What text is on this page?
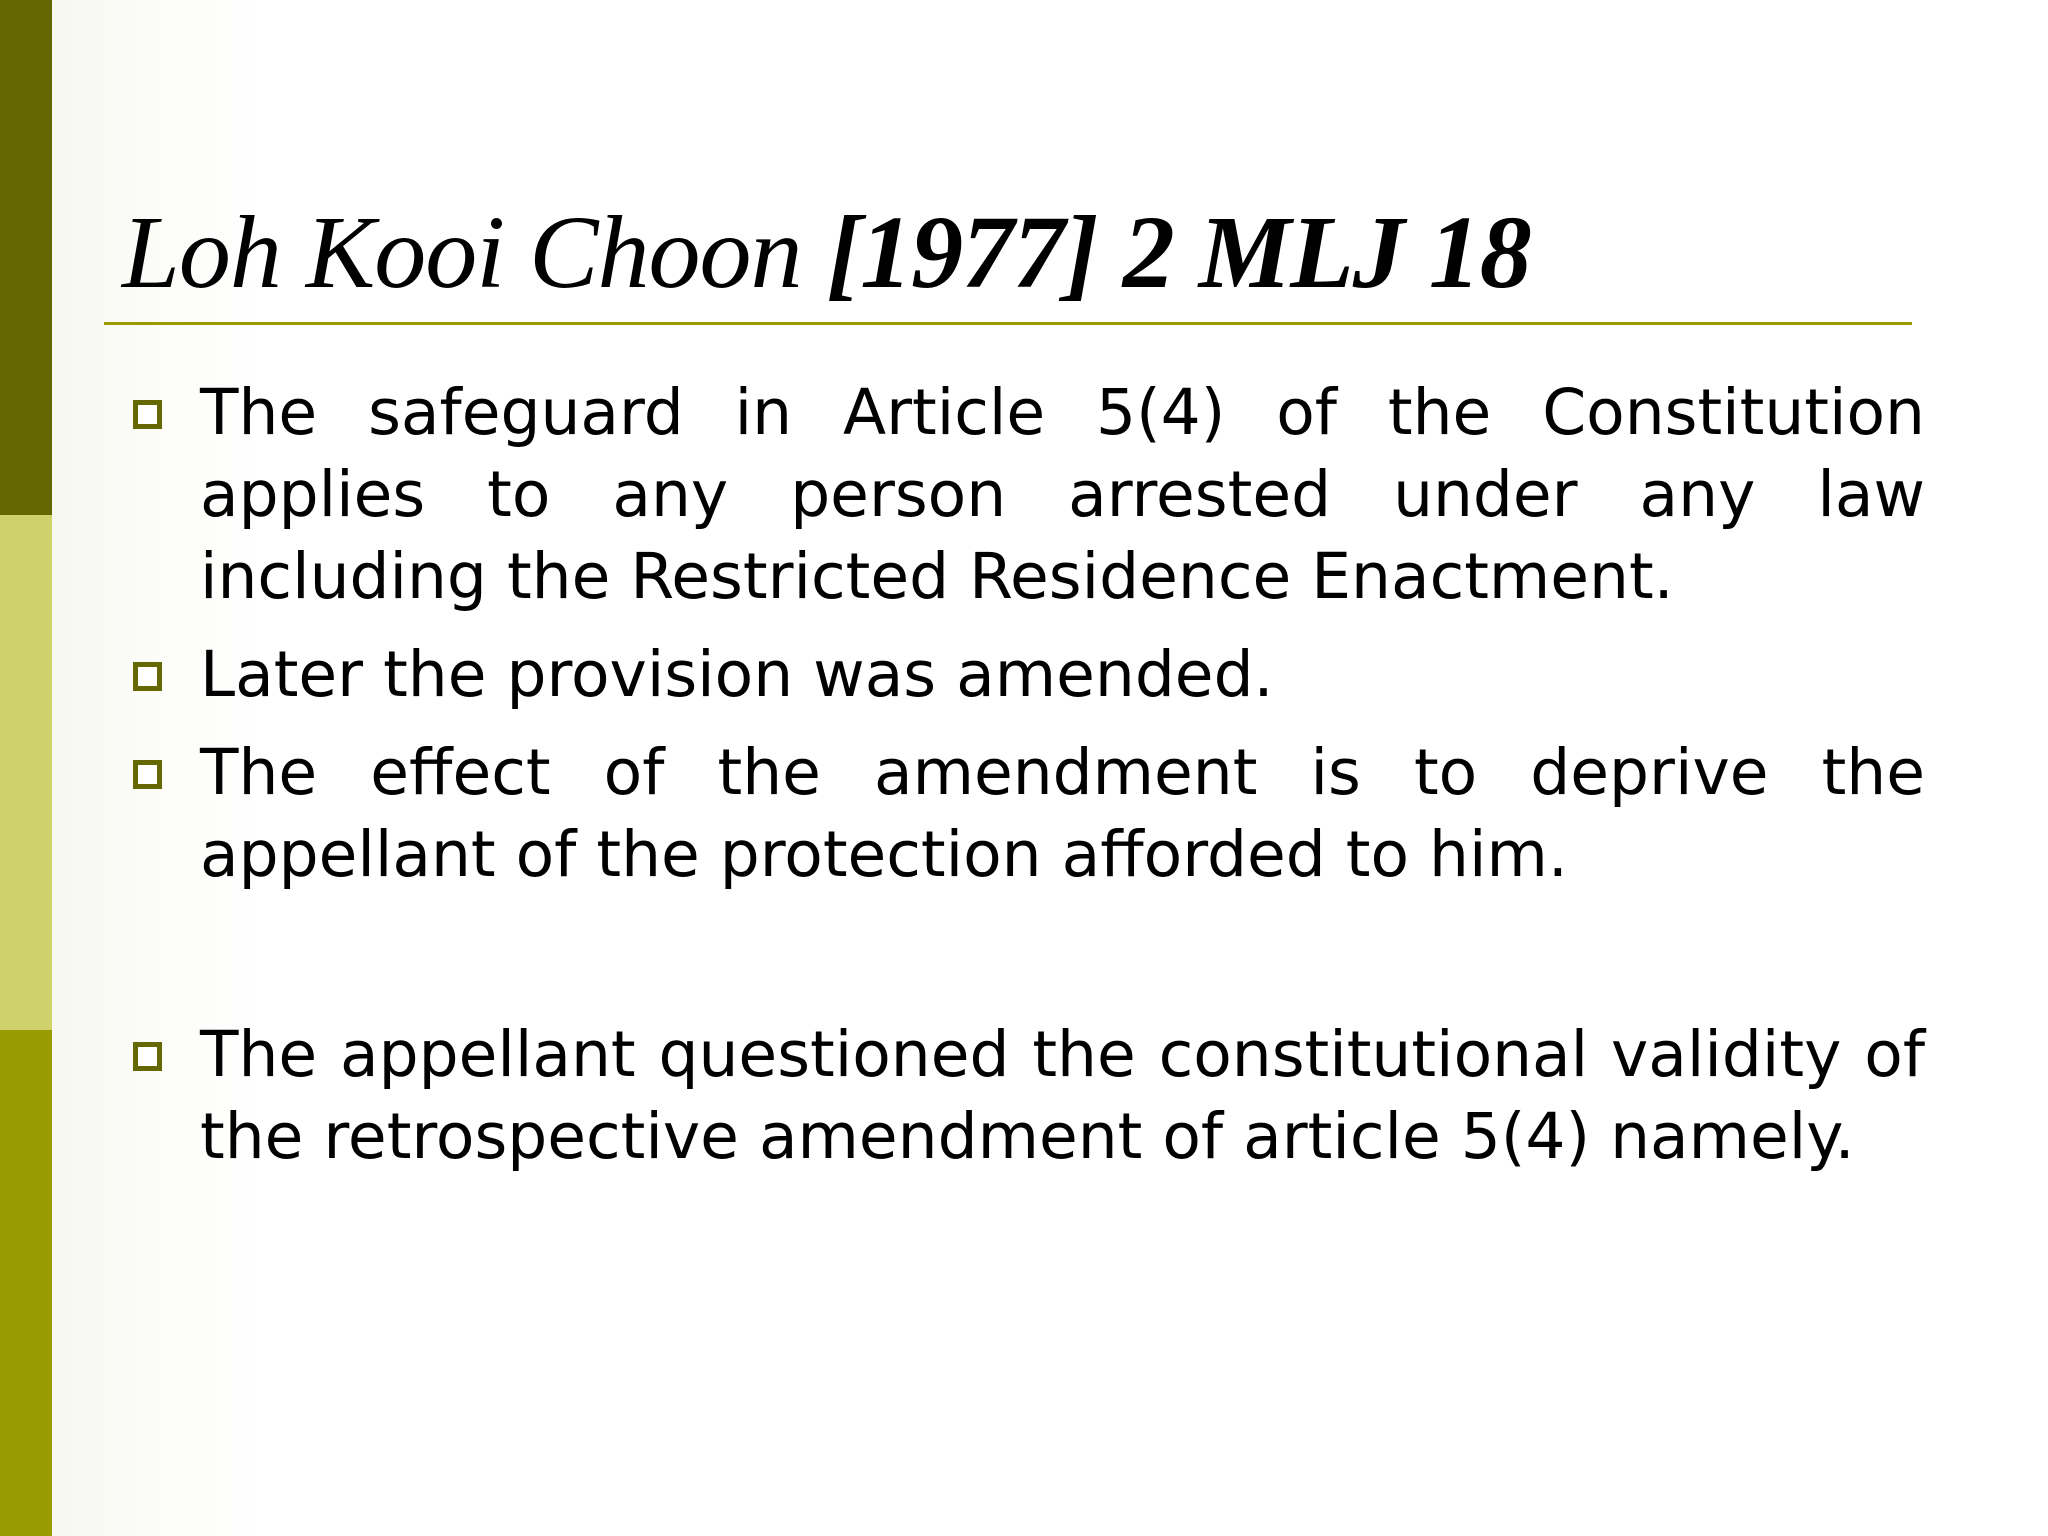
Loh Kooi Choon [1977] 2 MLJ 18
The safeguard in Article 5(4) of the Constitution applies to any person arrested under any law including the Restricted Residence Enactment.
Later the provision was amended.
The effect of the amendment is to deprive the appellant of the protection afforded to him.
The appellant questioned the constitutional validity of the retrospective amendment of article 5(4) namely.
